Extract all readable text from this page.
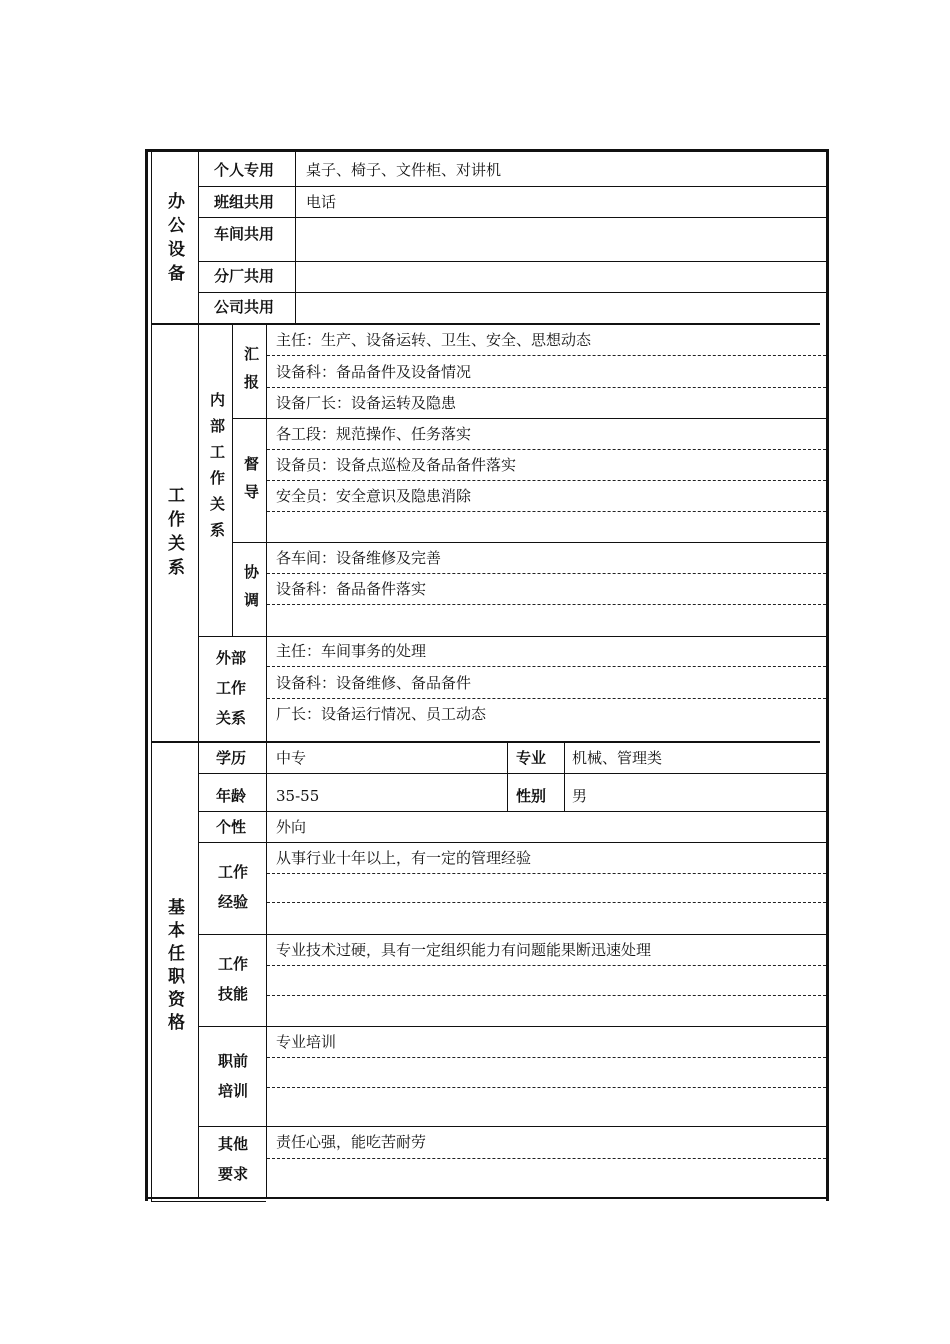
办公设备
工作关系
基本任职资格
个人专用 桌子、椅子、文件柜、对讲机
班组共用 电话
车间共用
分厂共用
公司共用
内部工作关系
汇报
主任：生产、设备运转、卫生、安全、思想动态
设备科：备品备件及设备情况
设备厂长：设备运转及隐患
督导
各工段：规范操作、任务落实
设备员：设备点巡检及备品备件落实
安全员：安全意识及隐患消除
协调
各车间：设备维修及完善
设备科：备品备件落实
外部
工作
关系
主任：车间事务的处理
设备科：设备维修、备品备件
厂长：设备运行情况、员工动态
学历 中专	专业 机械、管理类
年龄 35-55	性别 男
个性 外向
工作
经验
从事行业十年以上，有一定的管理经验
工作
技能
专业技术过硬，具有一定组织能力有问题能果断迅速处理
职前
培训
专业培训
其他
要求
责任心强，能吃苦耐劳
